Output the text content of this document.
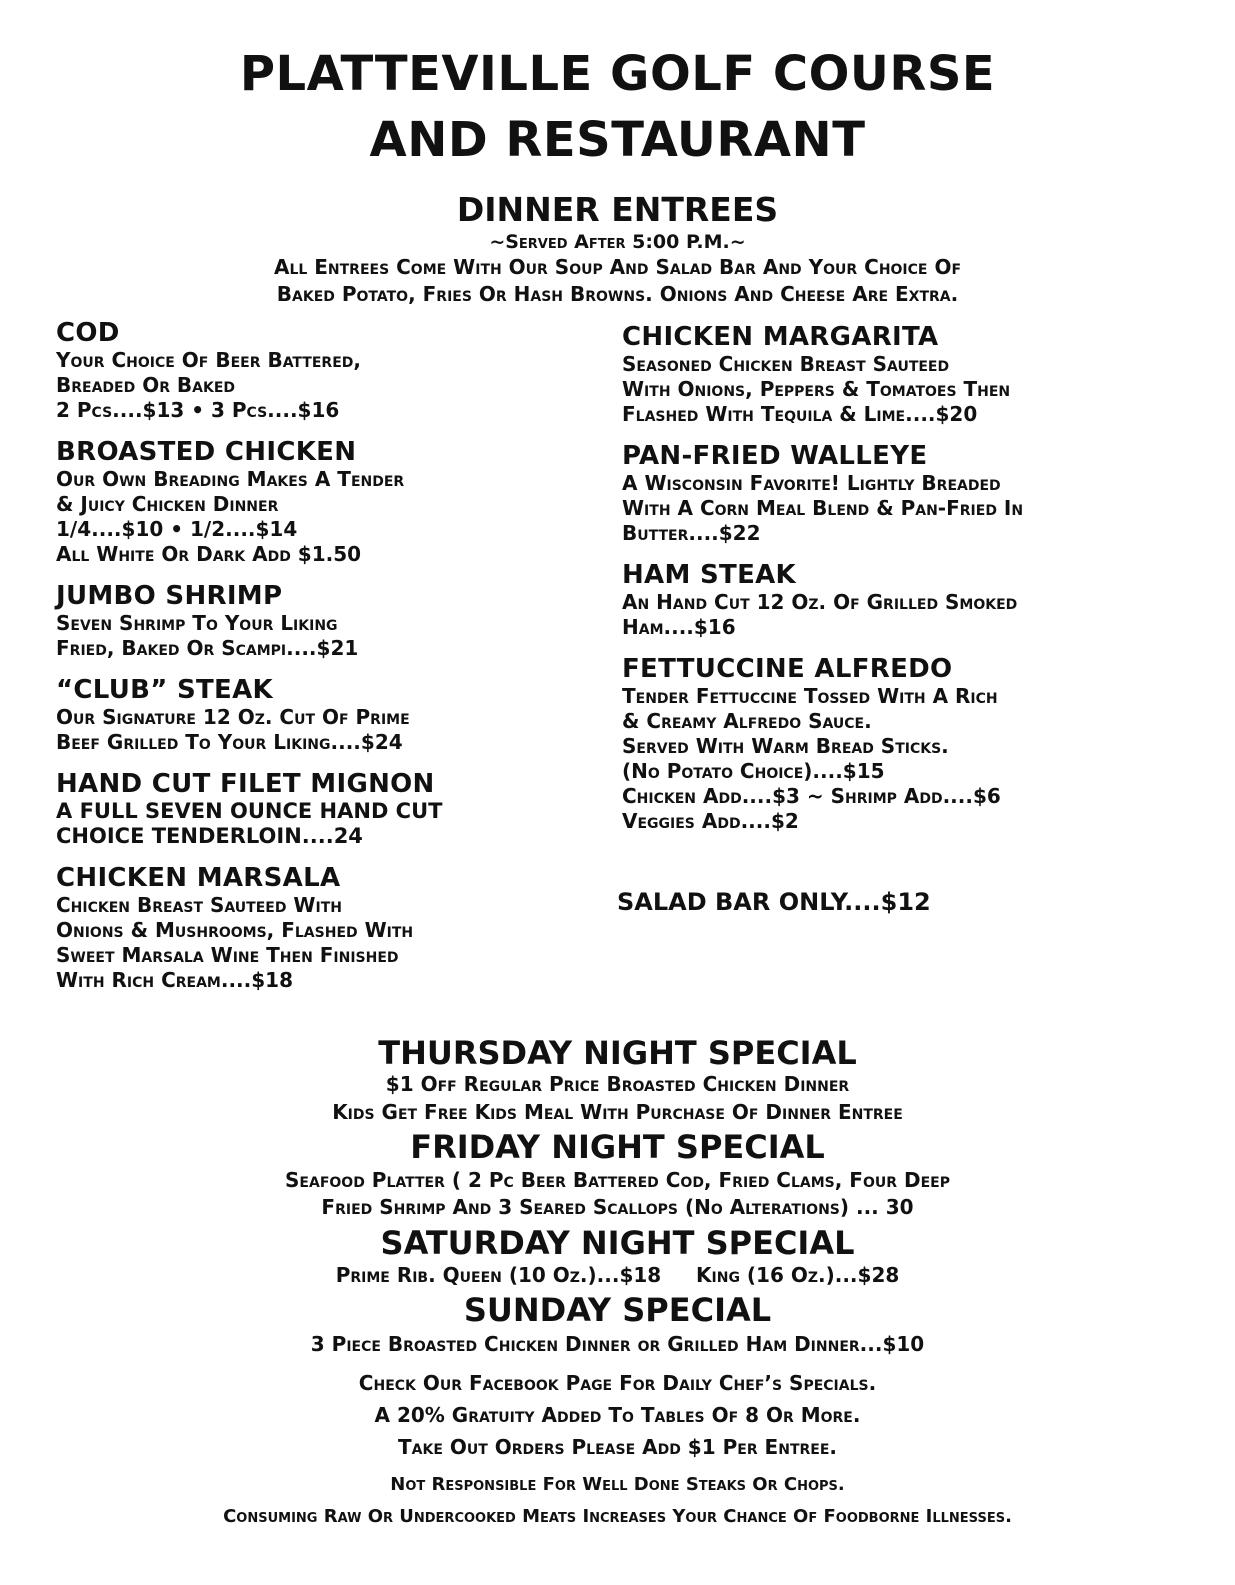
PLATTEVILLE GOLF COURSE
AND RESTAURANT
DINNER ENTREES
~Served After 5:00 P.M.~
All Entrees Come With Our Soup And Salad Bar And Your Choice Of
Baked Potato, Fries Or Hash Browns. Onions And Cheese Are Extra.
COD
Your Choice Of Beer Battered,
Breaded Or Baked
2 Pcs....$13 • 3 Pcs....$16
BROASTED CHICKEN
Our Own Breading Makes A Tender
& Juicy Chicken Dinner
1/4....$10 • 1/2....$14
All White Or Dark Add $1.50
JUMBO SHRIMP
Seven Shrimp To Your Liking
Fried, Baked Or Scampi....$21
“CLUB” STEAK
Our Signature 12 Oz. Cut Of Prime
Beef Grilled To Your Liking....$24
HAND CUT FILET MIGNON
A FULL SEVEN OUNCE HAND CUT
CHOICE TENDERLOIN....24
CHICKEN MARSALA
Chicken Breast Sauteed With
Onions & Mushrooms, Flashed With
Sweet Marsala Wine Then Finished
With Rich Cream....$18
CHICKEN MARGARITA
Seasoned Chicken Breast Sauteed
With Onions, Peppers & Tomatoes Then
Flashed With Tequila & Lime....$20
PAN-FRIED WALLEYE
A Wisconsin Favorite! Lightly Breaded
With A Corn Meal Blend & Pan-Fried In
Butter....$22
HAM STEAK
An Hand Cut 12 Oz. Of Grilled Smoked
Ham....$16
FETTUCCINE ALFREDO
Tender Fettuccine Tossed With A Rich
& Creamy Alfredo Sauce.
Served With Warm Bread Sticks.
(No Potato Choice)....$15
Chicken Add....$3 ~ Shrimp Add....$6
Veggies Add....$2
SALAD BAR ONLY....$12
THURSDAY NIGHT SPECIAL
$1 Off Regular Price Broasted Chicken Dinner
Kids Get Free Kids Meal With Purchase Of Dinner Entree
FRIDAY NIGHT SPECIAL
Seafood Platter ( 2 Pc Beer Battered Cod, Fried Clams, Four Deep
Fried Shrimp And 3 Seared Scallops (No Alterations) ... 30
SATURDAY NIGHT SPECIAL
Prime Rib. Queen (10 Oz.)...$18     King (16 Oz.)...$28
SUNDAY SPECIAL
3 Piece Broasted Chicken Dinner or Grilled Ham Dinner...$10
Check Our Facebook Page For Daily Chef’s Specials.
A 20% Gratuity Added To Tables Of 8 Or More.
Take Out Orders Please Add $1 Per Entree.
Not Responsible For Well Done Steaks Or Chops.
Consuming Raw Or Undercooked Meats Increases Your Chance Of Foodborne Illnesses.
